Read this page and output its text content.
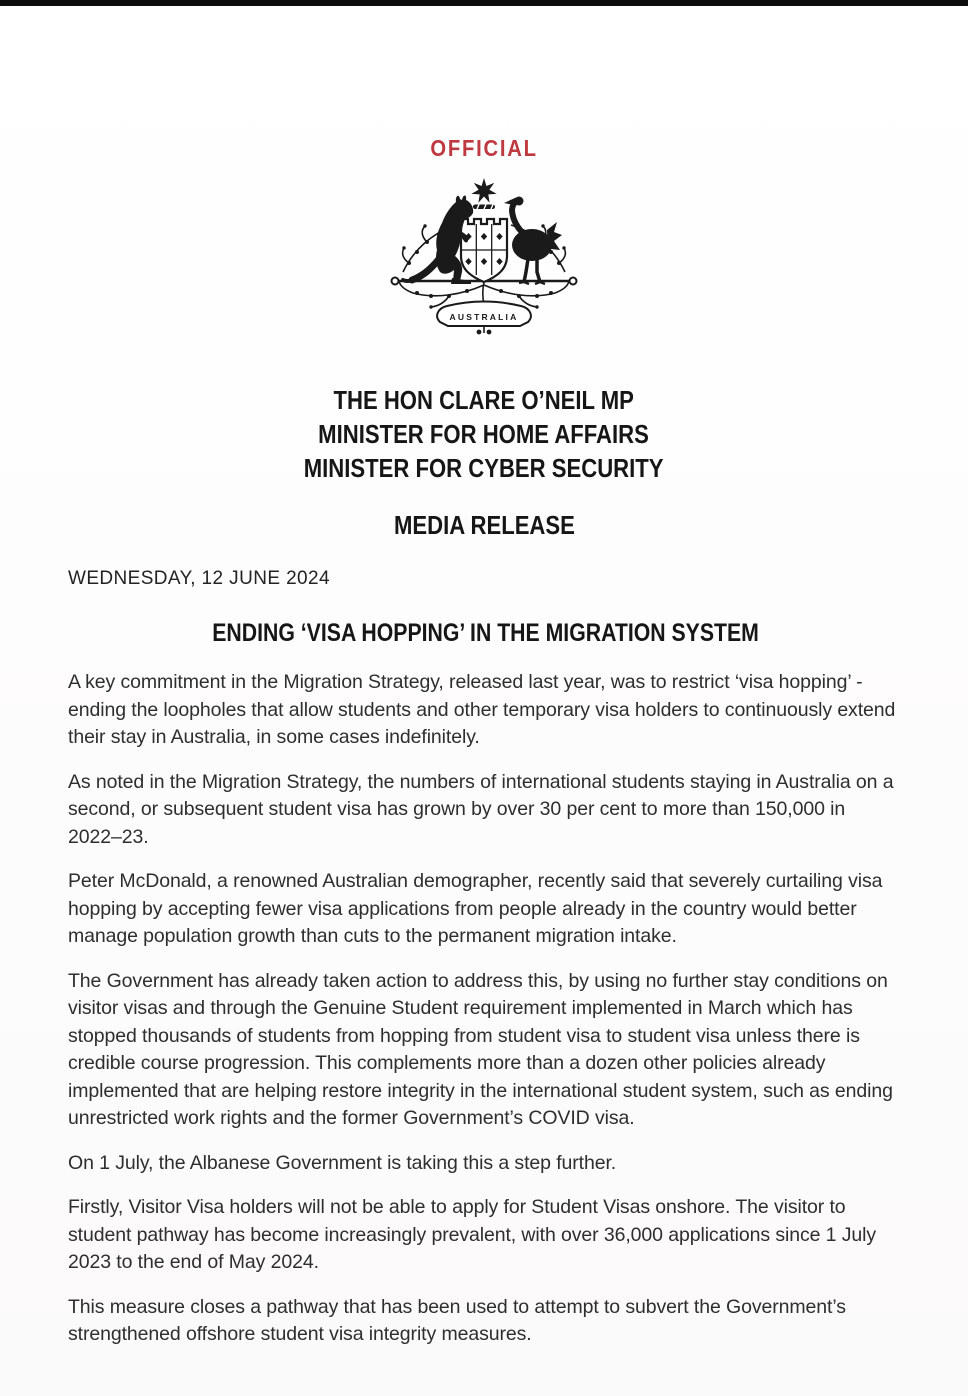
OFFICIAL
AUSTRALIA
THE HON CLARE O’NEIL MP
MINISTER FOR HOME AFFAIRS
MINISTER FOR CYBER SECURITY
MEDIA RELEASE
WEDNESDAY, 12 JUNE 2024
ENDING ‘VISA HOPPING’ IN THE MIGRATION SYSTEM

A key commitment in the Migration Strategy, released last year, was to restrict ‘visa hopping’ - ending the loopholes that allow students and other temporary visa holders to continuously extend their stay in Australia, in some cases indefinitely.

As noted in the Migration Strategy, the numbers of international students staying in Australia on a second, or subsequent student visa has grown by over 30 per cent to more than 150,000 in 2022–23.

Peter McDonald, a renowned Australian demographer, recently said that severely curtailing visa hopping by accepting fewer visa applications from people already in the country would better manage population growth than cuts to the permanent migration intake.

The Government has already taken action to address this, by using no further stay conditions on visitor visas and through the Genuine Student requirement implemented in March which has stopped thousands of students from hopping from student visa to student visa unless there is credible course progression. This complements more than a dozen other policies already implemented that are helping restore integrity in the international student system, such as ending unrestricted work rights and the former Government’s COVID visa.

On 1 July, the Albanese Government is taking this a step further.

Firstly, Visitor Visa holders will not be able to apply for Student Visas onshore. The visitor to student pathway has become increasingly prevalent, with over 36,000 applications since 1 July 2023 to the end of May 2024.

This measure closes a pathway that has been used to attempt to subvert the Government’s strengthened offshore student visa integrity measures.
